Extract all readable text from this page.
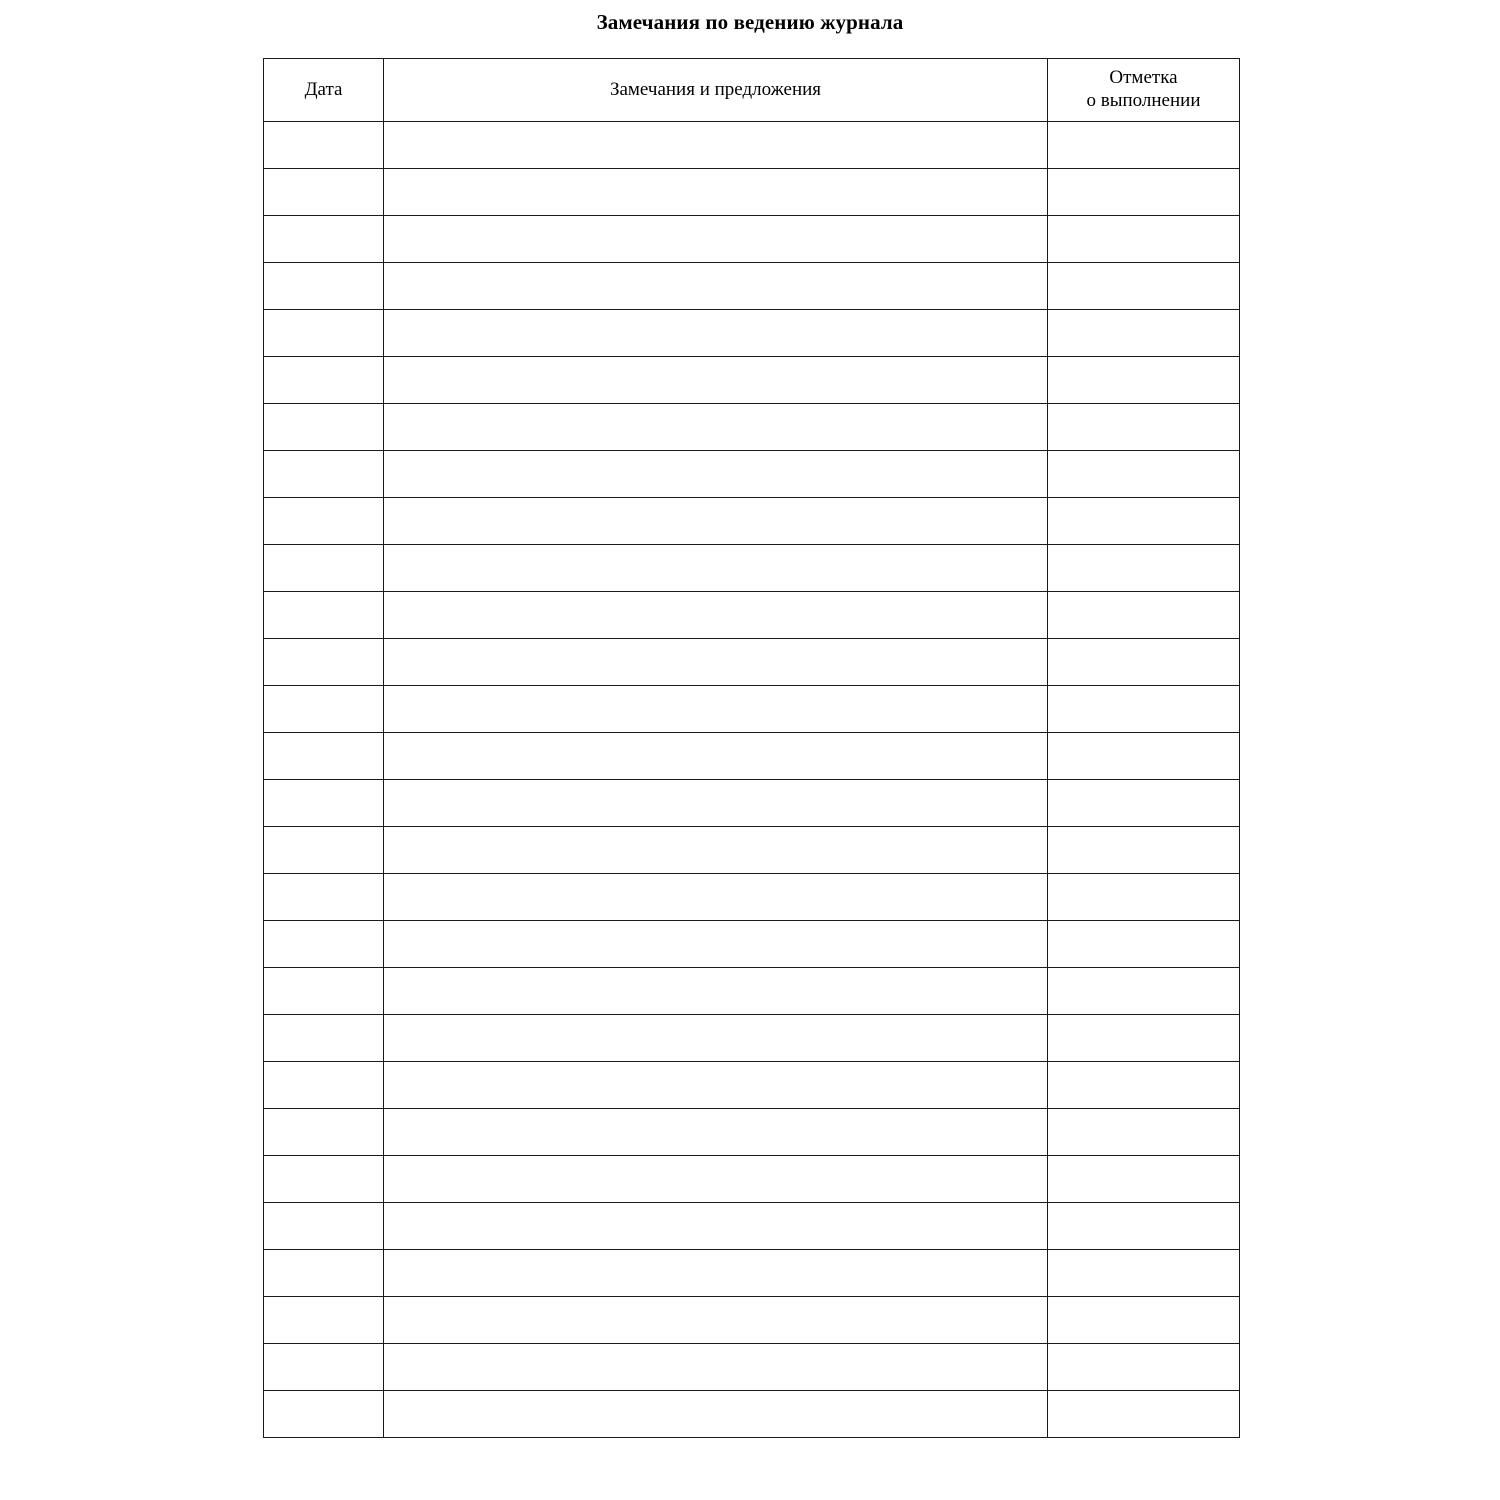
Замечания по ведению журнала
Дата	Замечания и предложения	Отметка
о выполнении
